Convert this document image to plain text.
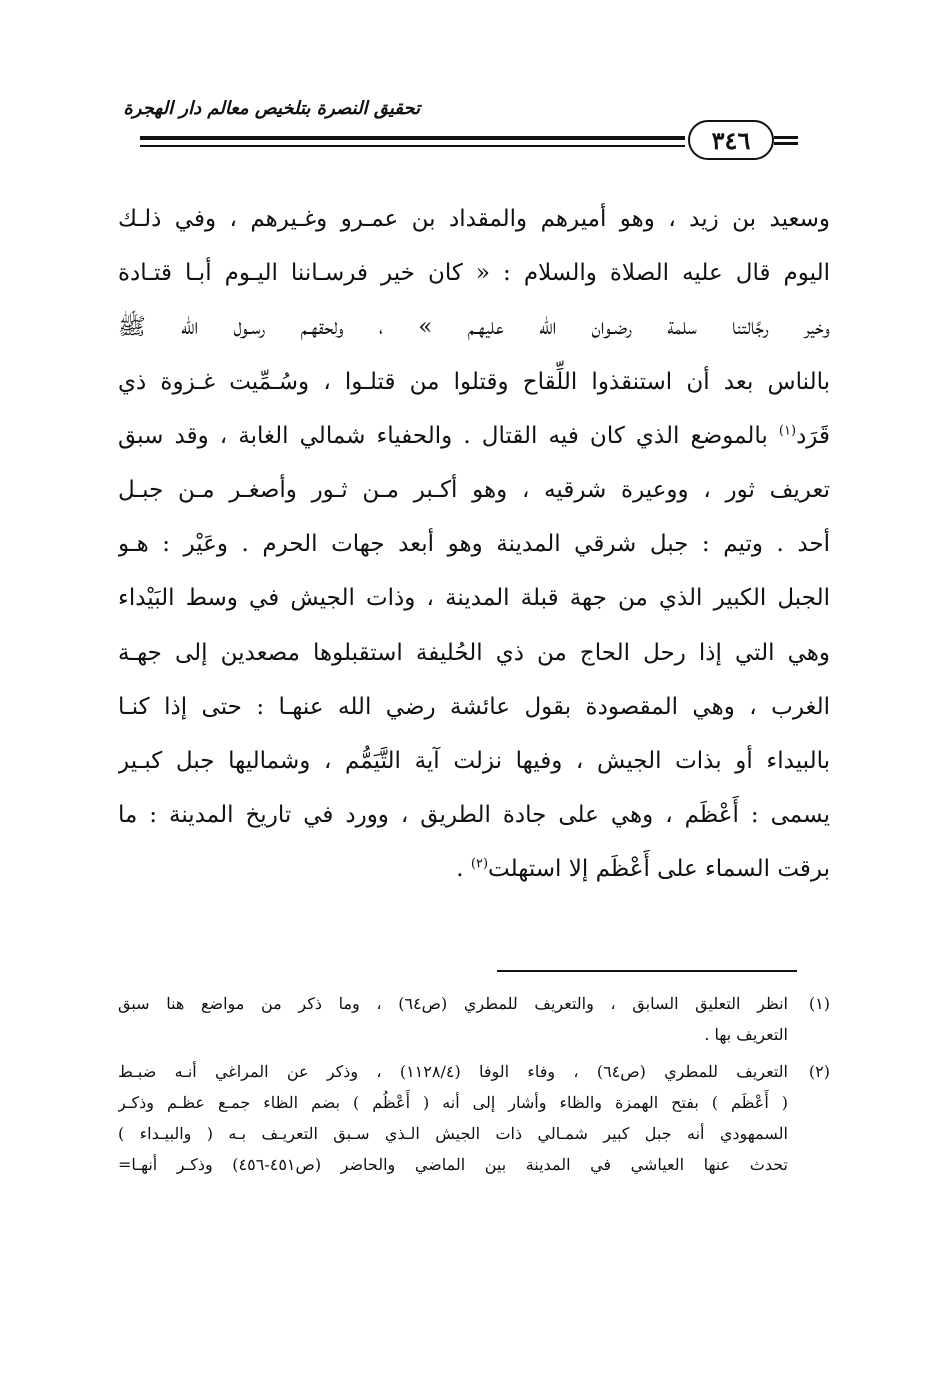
تحقيق النصرة بتلخيص معالم دار الهجرة
٣٤٦
وسعيد بن زيد ، وهو أميرهم والمقداد بن عمـرو وغـيرهم ، وفي ذلـك
اليوم قال عليه الصلاة والسلام : « كان خير فرسـاننا اليـوم أبـا قتـادة
وخير رجَّالتنا سلمة رضـوان الله عليهـم » ، ولحقهـم رسـول الله ﷺ
بالناس بعد أن استنقذوا اللِّقاح وقتلوا من قتلـوا ، وسُـمِّيت غـزوة ذي
قَرَد$^{(١)}$ بالموضع الذي كان فيه القتال . والحفياء شمالي الغابة ، وقد سبق
تعريف ثور ، ووعيرة شرقيه ، وهو أكـبر مـن ثـور وأصغـر مـن جبـل
أحد . وتيم : جبل شرقي المدينة وهو أبعد جهات الحرم . وعَيْر : هـو
الجبل الكبير الذي من جهة قبلة المدينة ، وذات الجيش في وسط البَيْداء
وهي التي إذا رحل الحاج من ذي الحُليفة استقبلوها مصعدين إلى جهـة
الغرب ، وهي المقصودة بقول عائشة رضي الله عنهـا : حتى إذا كنـا
بالبيداء أو بذات الجيش ، وفيها نزلت آية التَّيَمُّم ، وشماليها جبل كبـير
يسمى : أَعْظَم ، وهي على جادة الطريق ، وورد في تاريخ المدينة : ما
برقت السماء على أَعْظَم إلا استهلت$^{(٢)}$ .
(١)
انظر التعليق السابق ، والتعريف للمطري (ص٦٤) ، وما ذكر من مواضع هنا سبق
التعريف بها .
(٢)
التعريف للمطري (ص٦٤) ، وفاء الوفا (١١٢٨/٤) ، وذكر عن المراغي أنـه ضبـط
( أَعْظَم ) بفتح الهمزة والظاء وأشار إلى أنه ( أَعْظُم ) بضم الظاء جمـع عظـم وذكـر
السمهودي أنه جبل كبير شمـالي ذات الجيش الـذي سـبق التعريـف بـه ( والبيـداء )
تحدث عنها العياشي في المدينة بين الماضي والحاضر (ص٤٥١-٤٥٦) وذكـر أنهـا=
